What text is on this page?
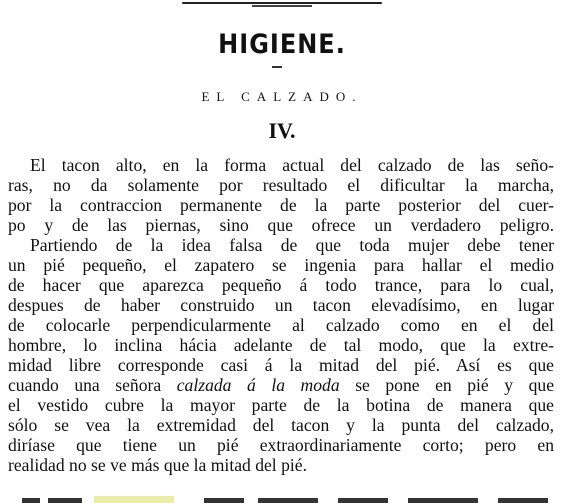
HIGIENE.
EL CALZADO.
IV.
El tacon alto, en la forma actual del calzado de las seño-
ras, no da solamente por resultado el dificultar la marcha,
por la contraccion permanente de la parte posterior del cuer-
po y de las piernas, sino que ofrece un verdadero peligro.
Partiendo de la idea falsa de que toda mujer debe tener
un pié pequeño, el zapatero se ingenia para hallar el medio
de hacer que aparezca pequeño á todo trance, para lo cual,
despues de haber construido un tacon elevadísimo, en lugar
de colocarle perpendicularmente al calzado como en el del
hombre, lo inclina hácia adelante de tal modo, que la extre-
midad libre corresponde casi á la mitad del pié. Así es que
cuando una señora calzada á la moda se pone en pié y que
el vestido cubre la mayor parte de la botina de manera que
sólo se vea la extremidad del tacon y la punta del calzado,
diríase que tiene un pié extraordinariamente corto; pero en
realidad no se ve más que la mitad del pié.
